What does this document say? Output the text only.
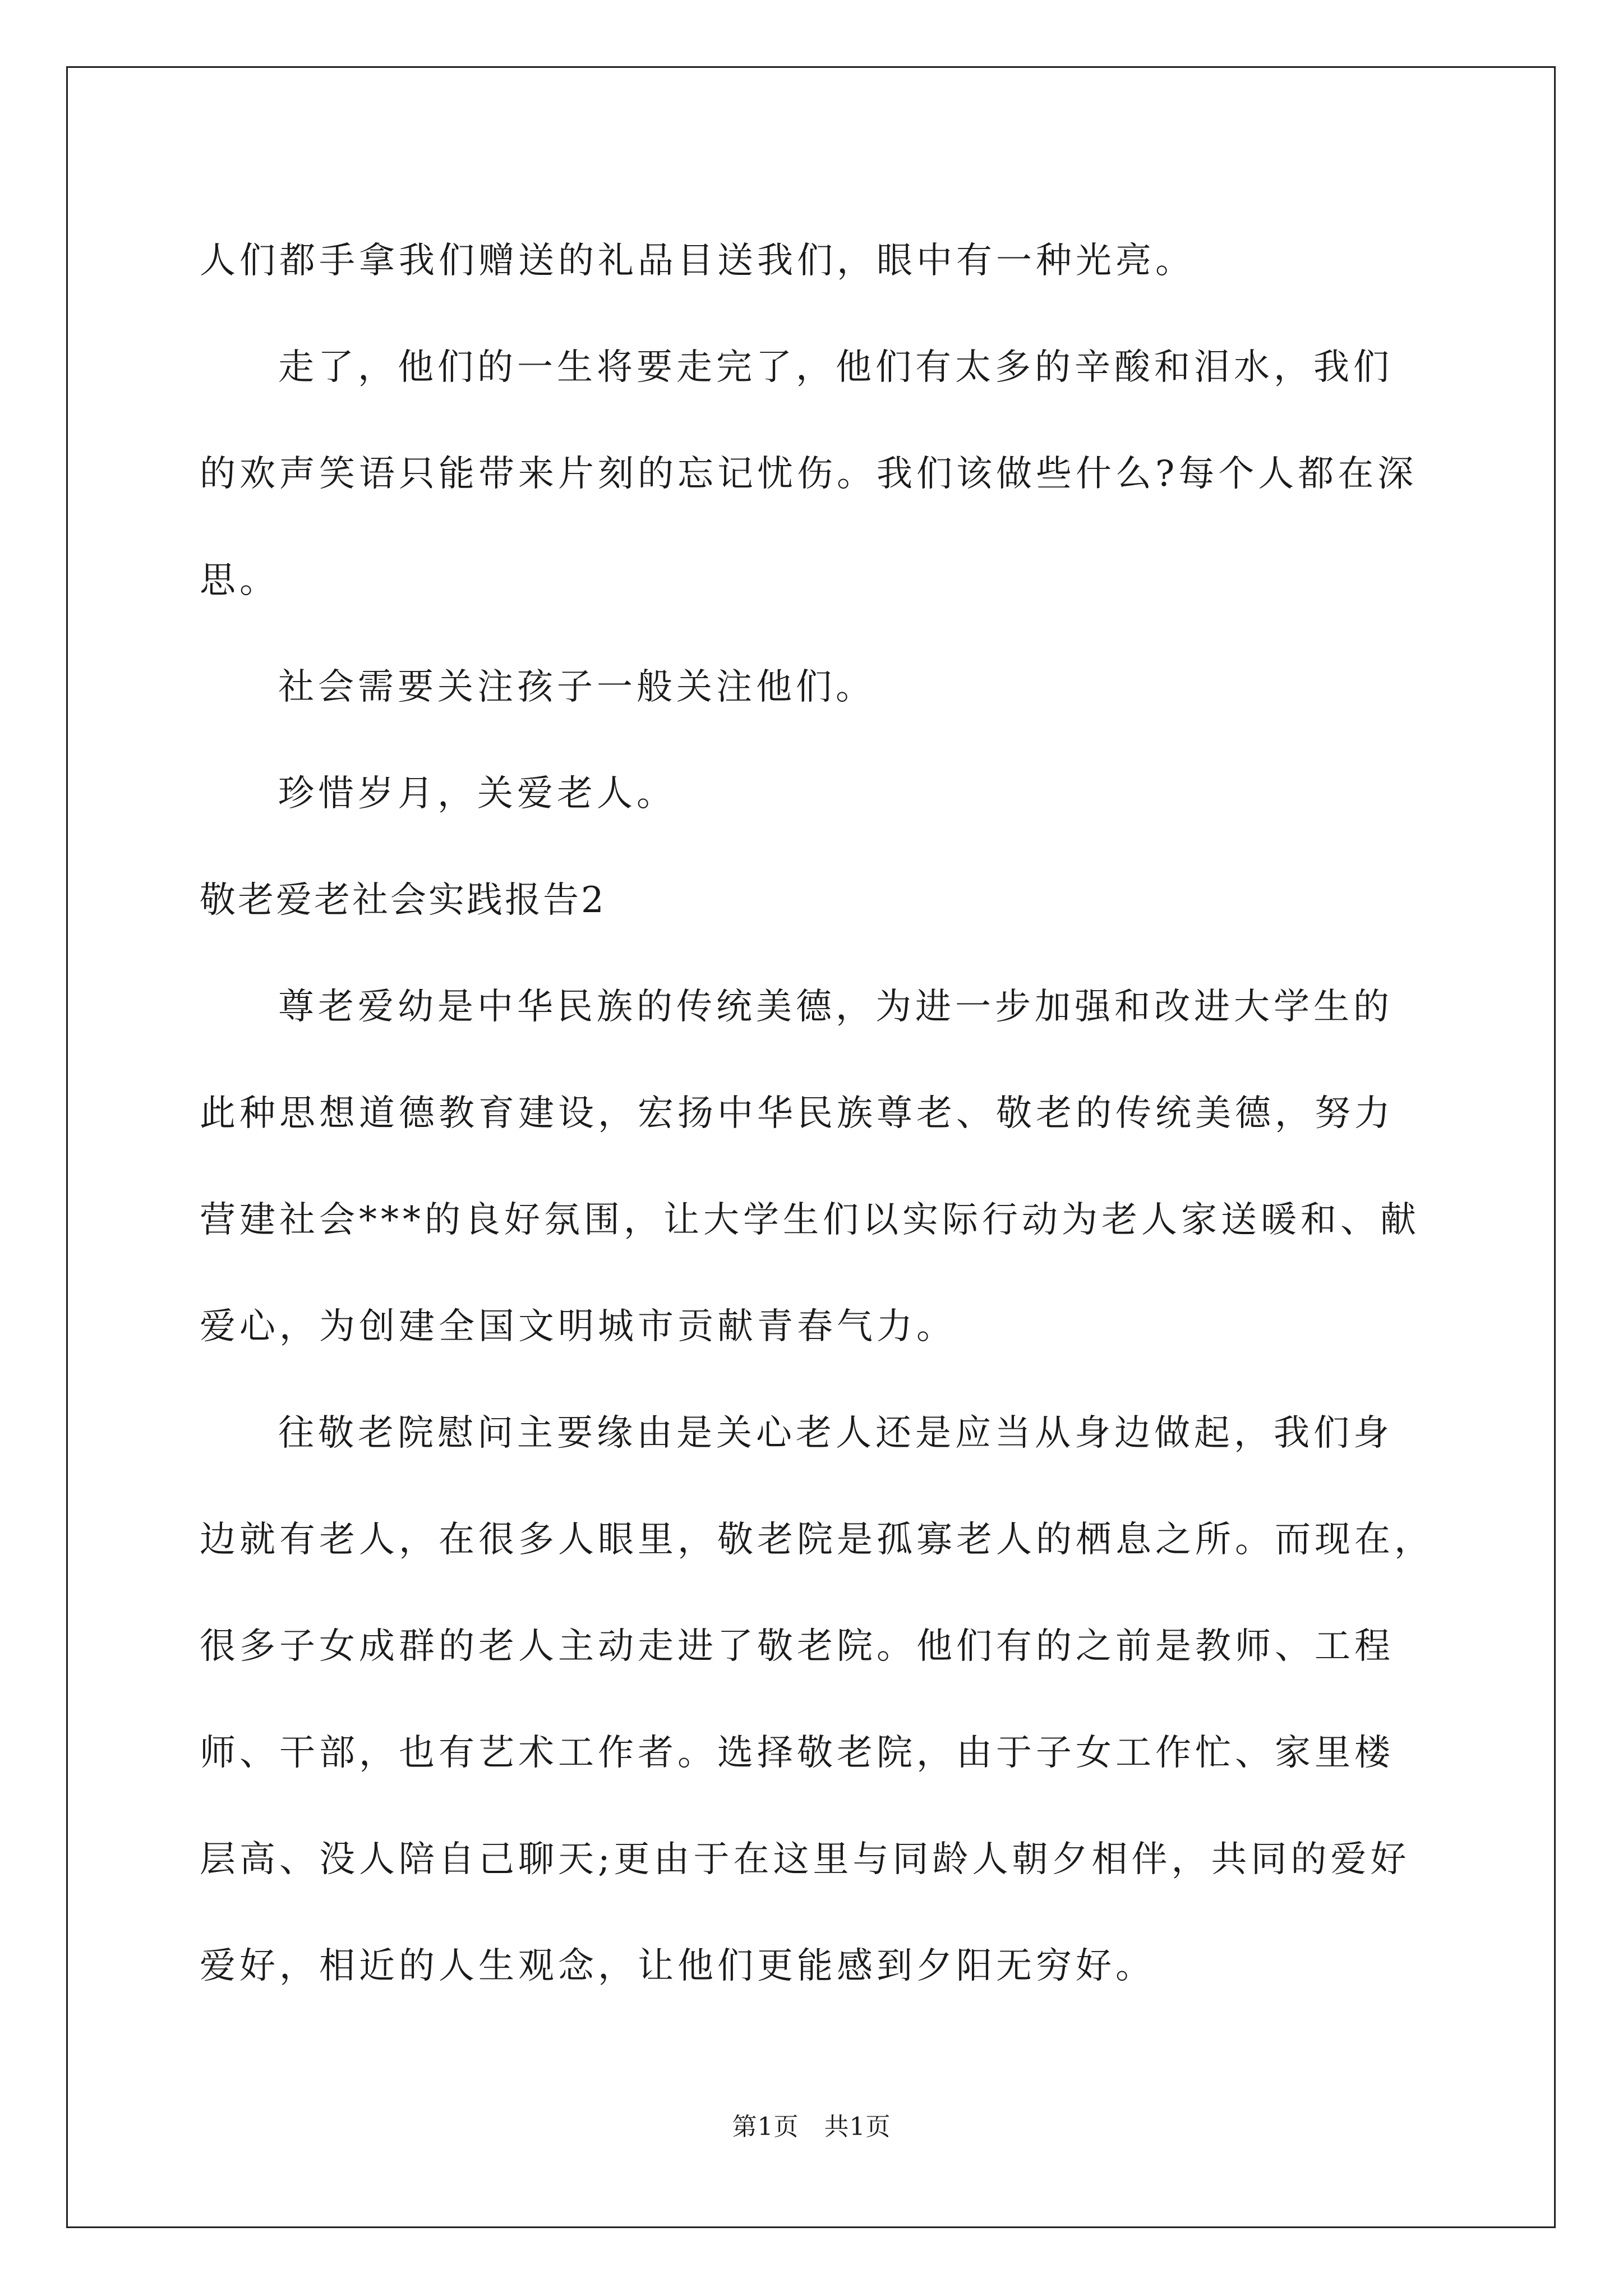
人们都手拿我们赠送的礼品目送我们，眼中有一种光亮。
走了，他们的一生将要走完了，他们有太多的辛酸和泪水，我们
的欢声笑语只能带来片刻的忘记忧伤。我们该做些什么?每个人都在深
思。
社会需要关注孩子一般关注他们。
珍惜岁月，关爱老人。
敬老爱老社会实践报告2
尊老爱幼是中华民族的传统美德，为进一步加强和改进大学生的
此种思想道德教育建设，宏扬中华民族尊老、敬老的传统美德，努力
营建社会***的良好氛围，让大学生们以实际行动为老人家送暖和、献
爱心，为创建全国文明城市贡献青春气力。
往敬老院慰问主要缘由是关心老人还是应当从身边做起，我们身
边就有老人，在很多人眼里，敬老院是孤寡老人的栖息之所。而现在，
很多子女成群的老人主动走进了敬老院。他们有的之前是教师、工程
师、干部，也有艺术工作者。选择敬老院，由于子女工作忙、家里楼
层高、没人陪自己聊天;更由于在这里与同龄人朝夕相伴，共同的爱好
爱好，相近的人生观念，让他们更能感到夕阳无穷好。
第1页　共1页
